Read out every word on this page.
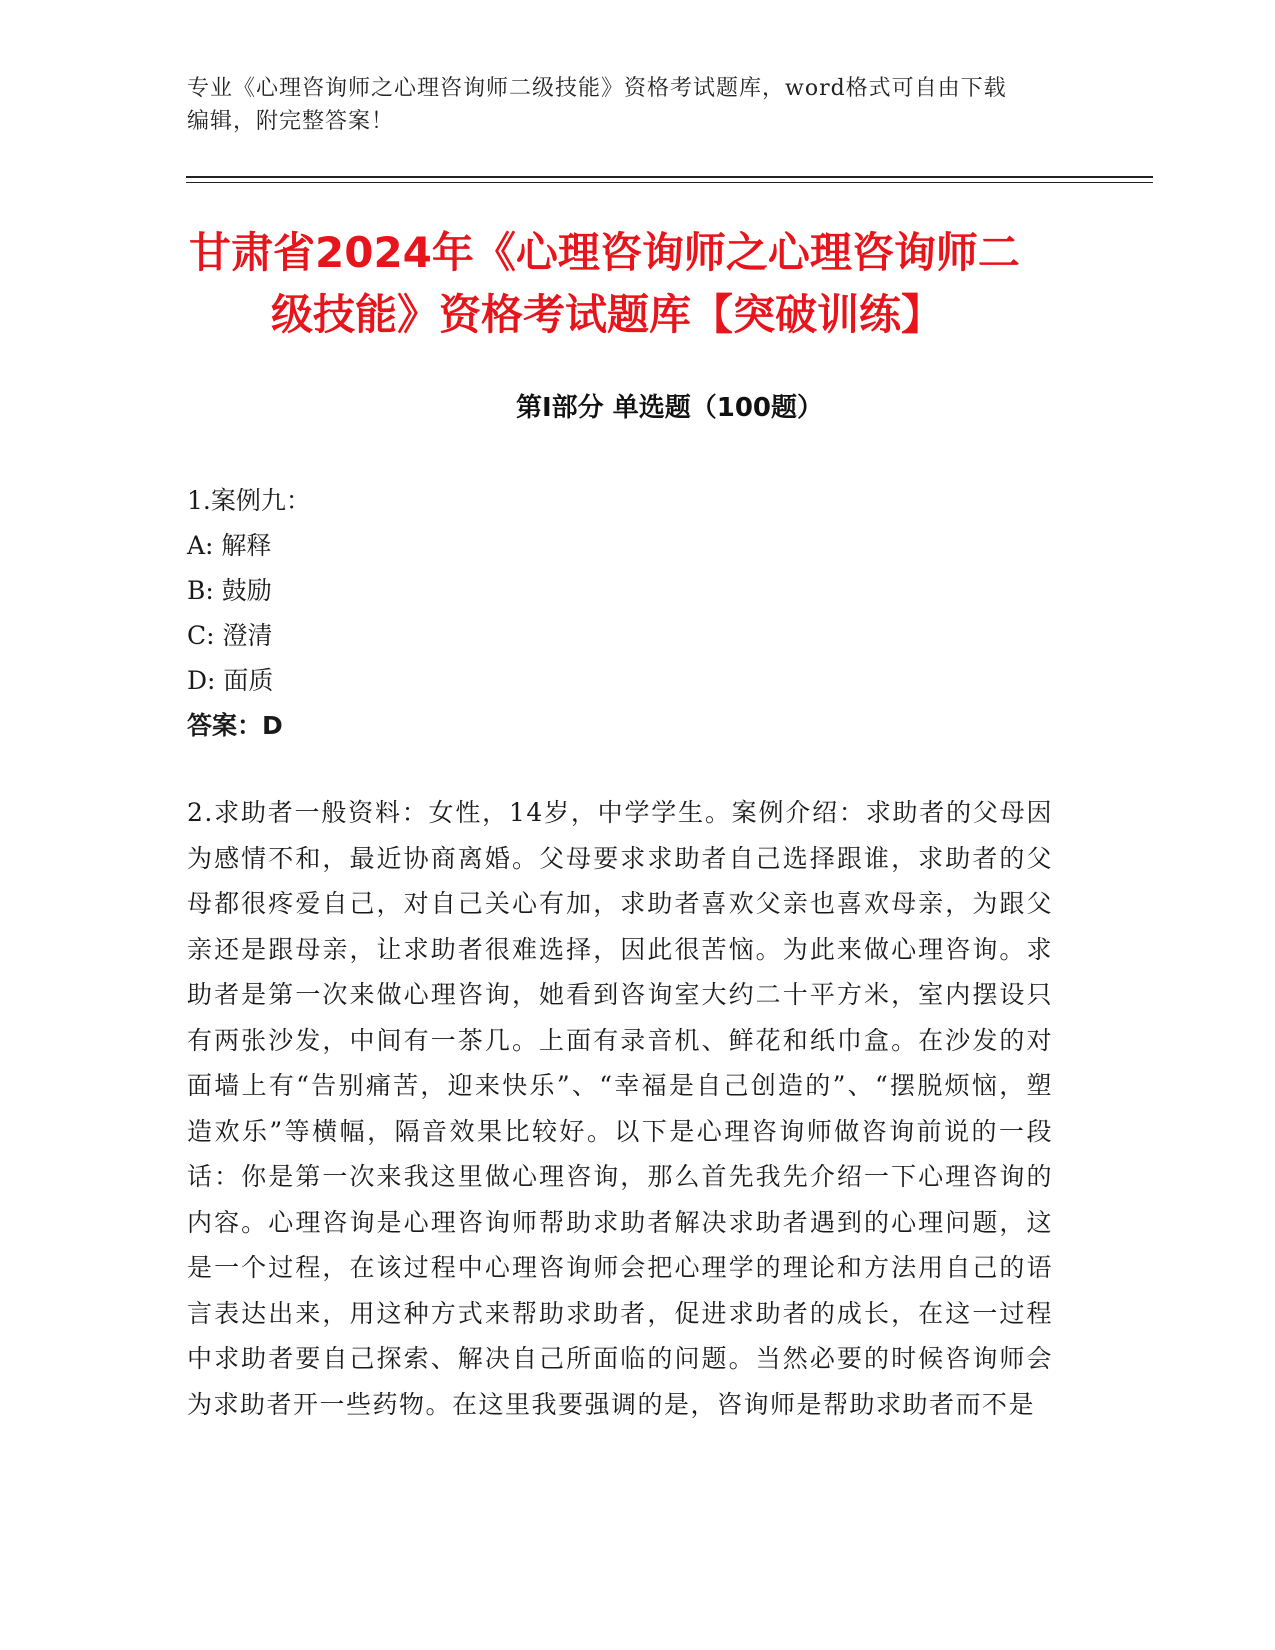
专业《心理咨询师之心理咨询师二级技能》资格考试题库，word格式可自由下载
编辑，附完整答案！
甘肃省2024年《心理咨询师之心理咨询师二
级技能》资格考试题库【突破训练】
第Ⅰ部分 单选题（100题）
1.案例九：
A: 解释
B: 鼓励
C: 澄清
D: 面质
答案：D
2.求助者一般资料：女性，14岁，中学学生。案例介绍：求助者的父母因为感情不和，最近协商离婚。父母要求求助者自己选择跟谁，求助者的父母都很疼爱自己，对自己关心有加，求助者喜欢父亲也喜欢母亲，为跟父亲还是跟母亲，让求助者很难选择，因此很苦恼。为此来做心理咨询。求助者是第一次来做心理咨询，她看到咨询室大约二十平方米，室内摆设只有两张沙发，中间有一茶几。上面有录音机、鲜花和纸巾盒。在沙发的对面墙上有“告别痛苦，迎来快乐”、“幸福是自己创造的”、“摆脱烦恼，塑造欢乐”等横幅，隔音效果比较好。以下是心理咨询师做咨询前说的一段话：你是第一次来我这里做心理咨询，那么首先我先介绍一下心理咨询的内容。心理咨询是心理咨询师帮助求助者解决求助者遇到的心理问题，这是一个过程，在该过程中心理咨询师会把心理学的理论和方法用自己的语言表达出来，用这种方式来帮助求助者，促进求助者的成长，在这一过程中求助者要自己探索、解决自己所面临的问题。当然必要的时候咨询师会为求助者开一些药物。在这里我要强调的是，咨询师是帮助求助者而不是
